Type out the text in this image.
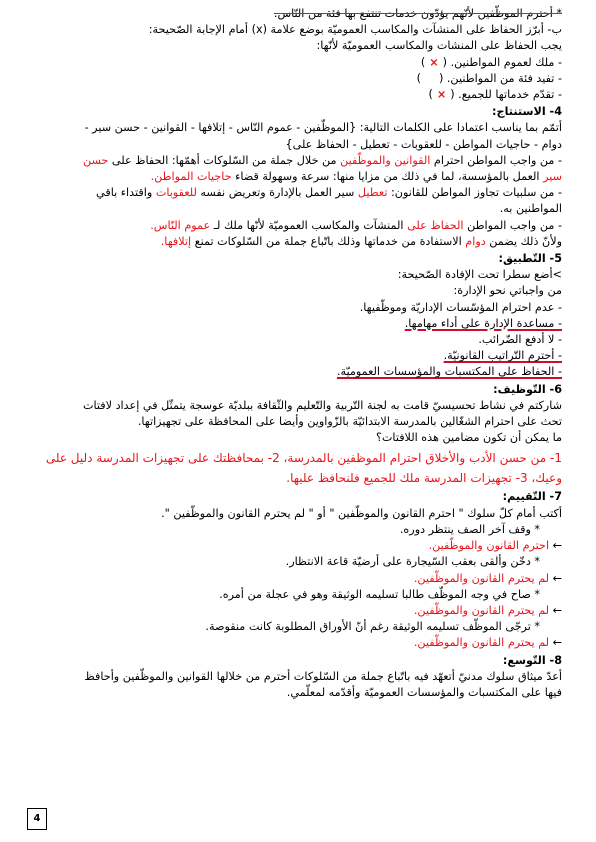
* أحترم الموظّفين لأنّهم يؤدّون خدمات تنتفع بها فئة من النّاس.
ب- أبرّز الحفاظ على المنشآت والمكاسب العموميّة بوضع علامة (x) أمام الإجابة الصّحيحة:
يجب الحفاظ على المنشات والمكاسب العموميّة لأنّها:
- ملك لعموم المواطنين. (×)
- تفيد فئة من المواطنين. ()
- تقدّم خدماتها للجميع. (×)
4- الاستنتاج:
أتمّم بما يناسب اعتمادا على الكلمات التالية: {الموظّفين - عموم النّاس - إتلافها - القوانين - حسن سير -
دوام - حاجيات المواطن - للعقوبات - تعطيل - الحفاظ على}
- من واجب المواطن احترام القوانين والموظّفين من خلال جملة من السّلوكات أهمّها: الحفاظ على حسن
سير العمل بالمؤسسة، لما في ذلك من مزايا منها: سرعة وسهولة قضاء حاجيات المواطن.
- من سلبيات تجاوز المواطن للقانون: تعطيل سير العمل بالإدارة وتعريض نفسه للعقوبات واقتداء باقي
المواطنين به.
- من واجب المواطن الحفاظ على المنشآت والمكاسب العموميّة لأنّها ملك لـ عموم النّاس.
ولأنّ ذلك يضمن دوام الاستفادة من خدماتها وذلك باتّباع جملة من السّلوكات تمنع إتلافها.
5- التّطبيق:
>أضع سطرا تحت الإفادة الصّحيحة:
من واجباتي نحو الإدارة:
- عدم احترام المؤسّسات الإداريّة وموظّفيها.
- مساعدة الإدارة على أداء مهامها.
- لا أدفع الضّرائب.
- أحترم التّراتيب القانونيّة.
- الحفاظ على المكتسبات والمؤسسات العموميّة.
6- التّوظيف:
شاركتم في نشاط تحسيسيّ قامت به لجنة التّربية والتّعليم والثّقافة ببلديّة عوسجة يتمثّل في إعداد لافتات
تحث على احترام الشغّالين بالمدرسة الابتدائيّة بالزّواوين وأيضا على المحافظة على تجهيزاتها.
ما يمكن أن تكون مضامين هذه اللافتات؟
1- من حسن الأدب والأخلاق احترام الموظفين بالمدرسة، 2- بمحافظتك على تجهيزات المدرسة دليل على
وعيك، 3- تجهيزات المدرسة ملك للجميع فلنحافظ عليها.
7- التّقييم:
أكتب أمام كلّ سلوك " احترم القانون والموظّفين " أو " لم يحترم القانون والموظّفين ".
* وقف آخر الصف ينتظر دوره.
← احترم القانون والموظّفين.
* دخّن وألقى بعقب السّيجارة على أرضيّة قاعة الانتظار.
← لم يحترم القانون والموظّفين.
* صاح في وجه الموظّف طالبا تسليمه الوثيقة وهو في عجلة من أمره.
← لم يحترم القانون والموظّفين.
* ترجّى الموظّف تسليمه الوثيقة رغم أنّ الأوراق المطلوبة كانت منقوصة.
← لم يحترم القانون والموظّفين.
8- التّوسع:
أعدّ ميثاق سلوك مدنيّ أتعهّد فيه باتّباع جملة من السّلوكات أحترم من خلالها القوانين والموظّفين وأحافظ
فيها على المكتسبات والمؤسسات العموميّة وأقدّمه لمعلّمي.
4
